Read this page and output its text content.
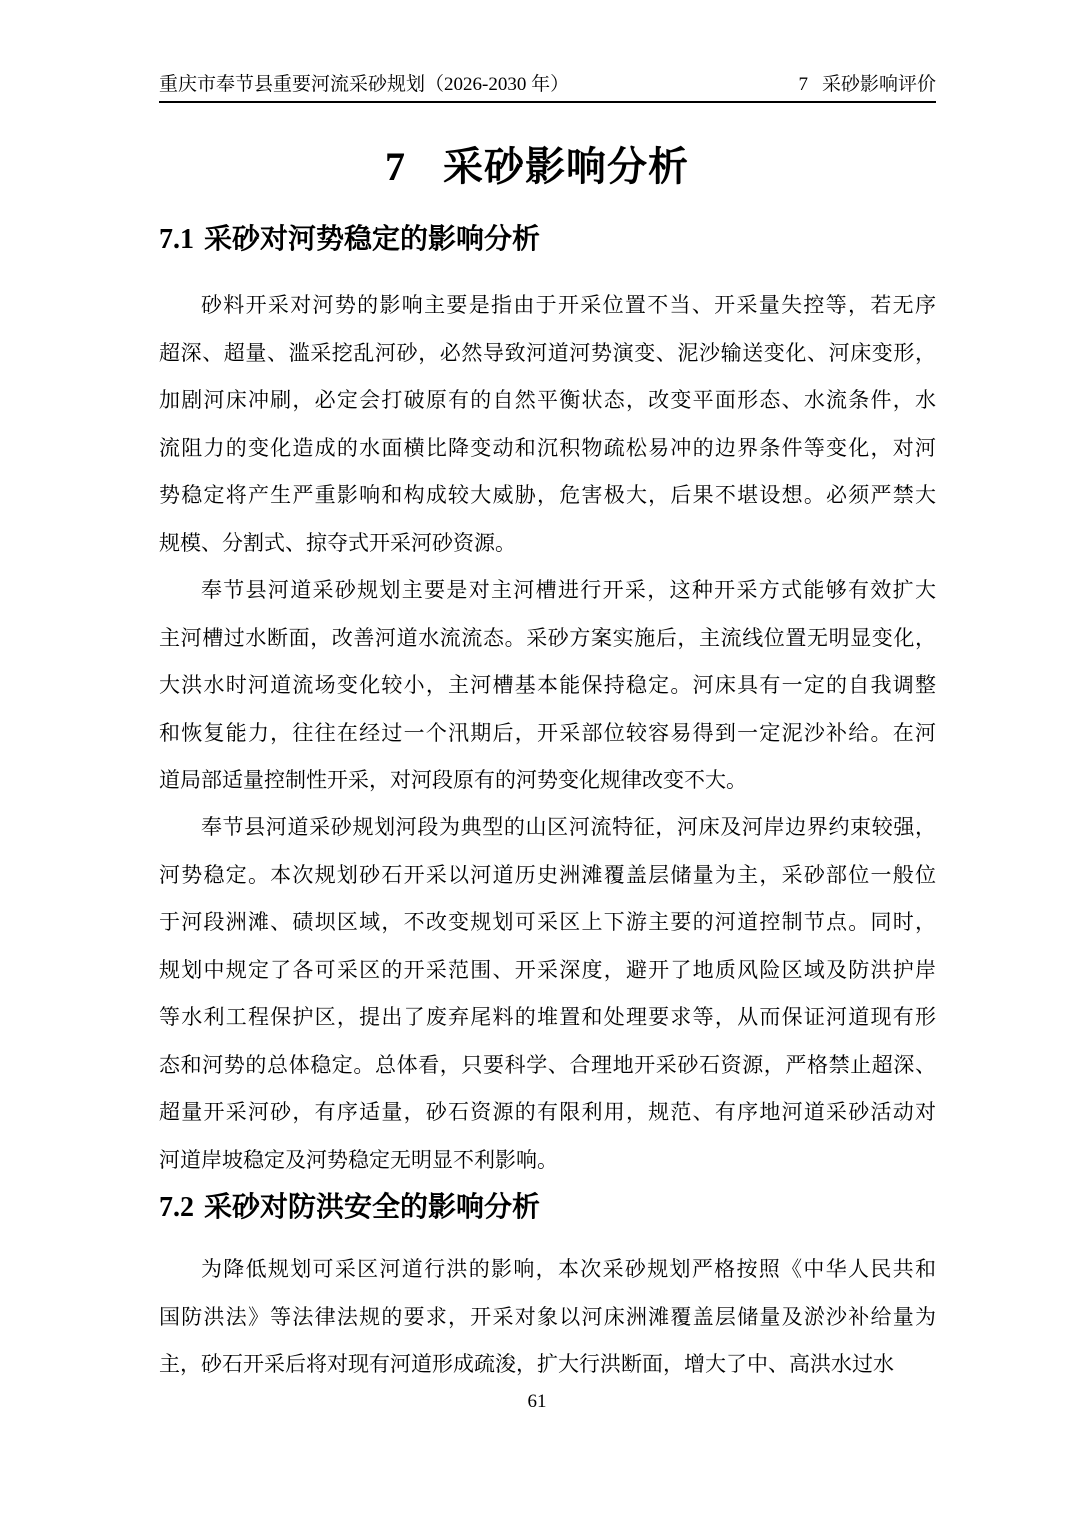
重庆市奉节县重要河流采砂规划（2026-2030 年）	7 采砂影响评价
7 采砂影响分析
7.1 采砂对河势稳定的影响分析
砂料开采对河势的影响主要是指由于开采位置不当、开采量失控等，若无序
超深、超量、滥采挖乱河砂，必然导致河道河势演变、泥沙输送变化、河床变形，
加剧河床冲刷，必定会打破原有的自然平衡状态，改变平面形态、水流条件，水
流阻力的变化造成的水面横比降变动和沉积物疏松易冲的边界条件等变化，对河
势稳定将产生严重影响和构成较大威胁，危害极大，后果不堪设想。必须严禁大
规模、分割式、掠夺式开采河砂资源。
奉节县河道采砂规划主要是对主河槽进行开采，这种开采方式能够有效扩大
主河槽过水断面，改善河道水流流态。采砂方案实施后，主流线位置无明显变化，
大洪水时河道流场变化较小，主河槽基本能保持稳定。河床具有一定的自我调整
和恢复能力，往往在经过一个汛期后，开采部位较容易得到一定泥沙补给。在河
道局部适量控制性开采，对河段原有的河势变化规律改变不大。
奉节县河道采砂规划河段为典型的山区河流特征，河床及河岸边界约束较强，
河势稳定。本次规划砂石开采以河道历史洲滩覆盖层储量为主，采砂部位一般位
于河段洲滩、碛坝区域，不改变规划可采区上下游主要的河道控制节点。同时，
规划中规定了各可采区的开采范围、开采深度，避开了地质风险区域及防洪护岸
等水利工程保护区，提出了废弃尾料的堆置和处理要求等，从而保证河道现有形
态和河势的总体稳定。总体看，只要科学、合理地开采砂石资源，严格禁止超深、
超量开采河砂，有序适量，砂石资源的有限利用，规范、有序地河道采砂活动对
河道岸坡稳定及河势稳定无明显不利影响。
7.2 采砂对防洪安全的影响分析
为降低规划可采区河道行洪的影响，本次采砂规划严格按照《中华人民共和
国防洪法》等法律法规的要求，开采对象以河床洲滩覆盖层储量及淤沙补给量为
主，砂石开采后将对现有河道形成疏浚，扩大行洪断面，增大了中、高洪水过水
61
